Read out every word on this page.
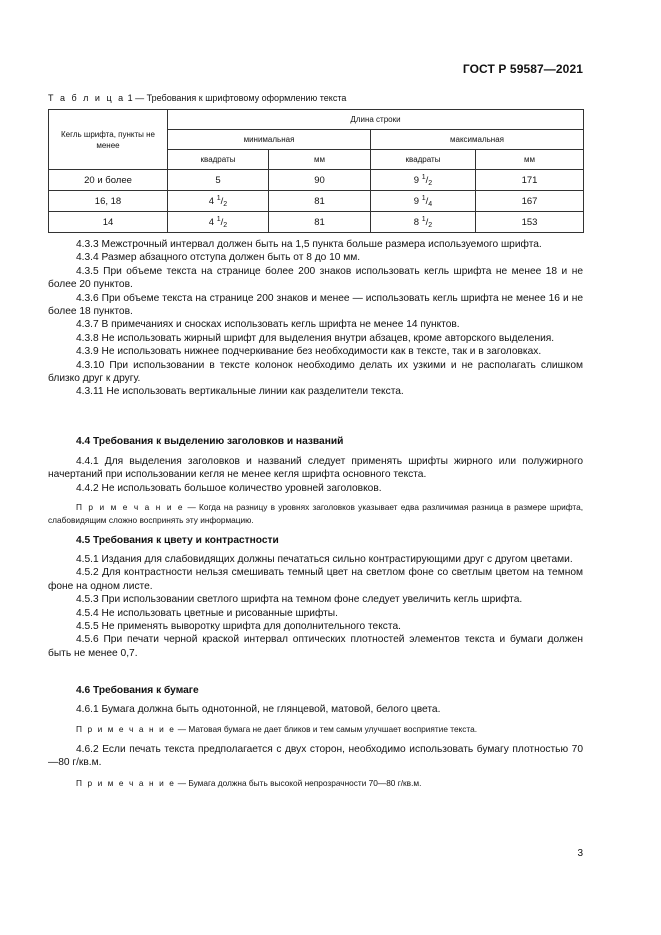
ГОСТ Р 59587—2021
Т а б л и ц а 1 — Требования к шрифтовому оформлению текста
Кегль шрифта, пункты не менее	Длина строки			
	минимальная		максимальная	
	квадраты	мм	квадраты	мм
20 и более	5	90	9 $^1/_2$	171
16, 18	4 $^1/_2$	81	9 $^1/_4$	167
14	4 $^1/_2$	81	8 $^1/_2$	153

4.3.3 Межстрочный интервал должен быть на 1,5 пункта больше размера используемого шрифта.

4.3.4 Размер абзацного отступа должен быть от 8 до 10 мм.

4.3.5 При объеме текста на странице более 200 знаков использовать кегль шрифта не менее 18 и не более 20 пунктов.

4.3.6 При объеме текста на странице 200 знаков и менее — использовать кегль шрифта не менее 16 и не более 18 пунктов.

4.3.7 В примечаниях и сносках использовать кегль шрифта не менее 14 пунктов.

4.3.8 Не использовать жирный шрифт для выделения внутри абзацев, кроме авторского выделения.

4.3.9 Не использовать нижнее подчеркивание без необходимости как в тексте, так и в заголовках.

4.3.10 При использовании в тексте колонок необходимо делать их узкими и не располагать слишком близко друг к другу.

4.3.11 Не использовать вертикальные линии как разделители текста.

4.4 Требования к выделению заголовков и названий

4.4.1 Для выделения заголовков и названий следует применять шрифты жирного или полужирного начертаний при использовании кегля не менее кегля шрифта основного текста.

4.4.2 Не использовать большое количество уровней заголовков.

П р и м е ч а н и е — Когда на разницу в уровнях заголовков указывает едва различимая разница в размере шрифта, слабовидящим сложно воспринять эту информацию.

4.5 Требования к цвету и контрастности

4.5.1 Издания для слабовидящих должны печататься сильно контрастирующими друг с другом цветами.

4.5.2 Для контрастности нельзя смешивать темный цвет на светлом фоне со светлым цветом на темном фоне на одном листе.

4.5.3 При использовании светлого шрифта на темном фоне следует увеличить кегль шрифта.

4.5.4 Не использовать цветные и рисованные шрифты.

4.5.5 Не применять выворотку шрифта для дополнительного текста.

4.5.6 При печати черной краской интервал оптических плотностей элементов текста и бумаги должен быть не менее 0,7.

4.6 Требования к бумаге

4.6.1 Бумага должна быть однотонной, не глянцевой, матовой, белого цвета.

П р и м е ч а н и е — Матовая бумага не дает бликов и тем самым улучшает восприятие текста.

4.6.2 Если печать текста предполагается с двух сторон, необходимо использовать бумагу плотностью 70—80 г/кв.м.

П р и м е ч а н и е — Бумага должна быть высокой непрозрачности 70—80 г/кв.м.

3
